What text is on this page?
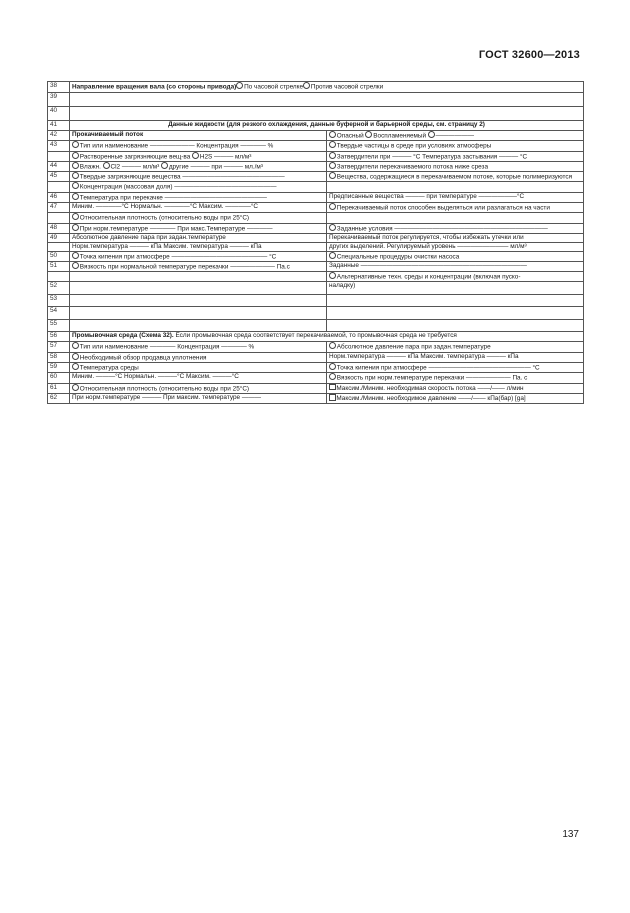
ГОСТ 32600—2013
38	Направление вращения вала (со стороны привода) По часовой стрелке Против часовой стрелки	
39		
40		
41	Данные жидкости (для резкого охлаждения, данные буферной и барьерной среды, см. страницу 2)	
42	Прокачиваемый поток	Опасный Воспламеняемый ——————
43	Тип или наименование ——————— Концентрация ———— %	Твердые частицы в среде при условиях атмосферы
	Растворенные загрязняющие вещ-ва H2S ——— мл/м³	Затвердители при ——— °С Температура застывания ——— °С
44	Влажн. Cl2 ——— мл/м³ другие ——— при ——— мл./м³	Затвердители перекачиваемого потока ниже среза
45	Твердые загрязняющие вещества ————————————————	Вещества, содержащиеся в перекачиваемом потоке, которые полимеризуются
	Концентрация (массовая доля) ————————————————	
46	Температура при перекачке ————————————————	Предписанные вещества ——— при температуре ——————°С
47	Миним. ————°С Нормальн. ————°С Максим. ————°С	Перекачиваемый поток способен выделяться или разлагаться на части
	Относительная плотность (относительно воды при 25°С)	
48	При норм.температуре ———— При макс.Температуре ————	Заданные условия ————————————————————————
49	Абсолютное давление пара при задан.температуре	Перекачиваемый поток регулируется, чтобы избежать утечки или
	Норм.температура ——— кПа Максим. температура ——— кПа	других выделений. Регулируемый уровень ———————— мл/м³
50	Точка кипения при атмосфере ——————————————— °С	Специальные процедуры очистки насоса
51	Вязкость при нормальной температуре перекачки ——————— Па.с	Заданные ——————————————————————————
		Альтернативные техн. среды и концентрации (включая пуско-
52		наладку)
53		
54		
55		
56	Промывочная среда (Схема 32). Если промывочная среда соответствует перекачиваемой, то промывочная среда не требуется	
57	Тип или наименование ———— Концентрация ———— %	Абсолютное давление пара при задан.температуре
58	Необходимый обзор продавца уплотнения	Норм.температура ——— кПа Максим. температура ——— кПа
59	Температура среды	Точка кипения при атмосфере ———————————————— °С
60	Миним. ———°С Нормальн. ———°С Максим. ———°С	Вязкость при норм.температуре перекачки ——————— Па. с
61	Относительная плотность (относительно воды при 25°С)	Максим./Миним. необходимая скорость потока ——/—— л/мин
62	При норм.температуре ——— При максим. температуре ———	Максим./Миним. необходимое давление ——/—— кПа(бар) [ga]
137
